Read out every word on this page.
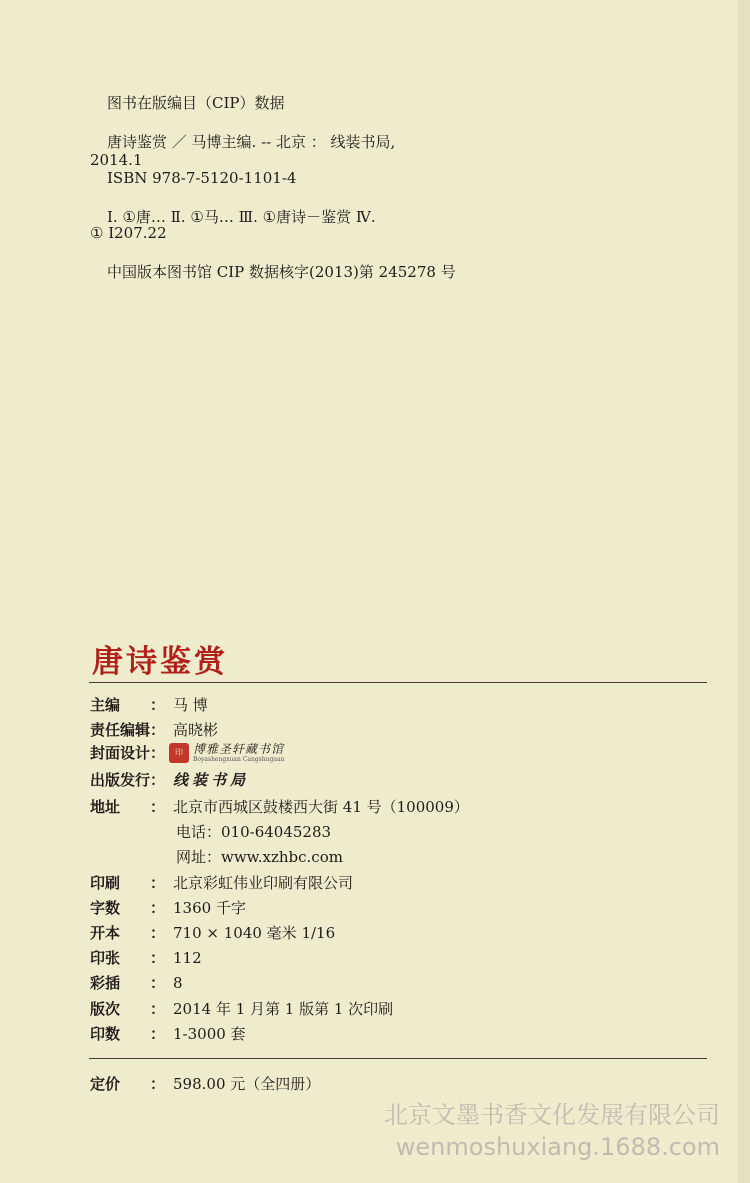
图书在版编目（CIP）数据
唐诗鉴赏 ／ 马博主编. -- 北京 ： 线装书局,
2014.1
ISBN 978-7-5120-1101-4
Ⅰ. ①唐… Ⅱ. ①马… Ⅲ. ①唐诗－鉴赏 Ⅳ.
① I207.22
中国版本图书馆 CIP 数据核字(2013)第 245278 号
唐诗鉴赏
主编	： 马 博
责任编辑 ： 高晓彬
封面设计 ：	印 博雅圣轩藏书馆
Boyashengxuan Cangshuguan
出版发行 ： 线装书局
地址	： 北京市西城区鼓楼西大街 41 号（100009）
电话：010-64045283
网址：www.xzhbc.com
印刷	： 北京彩虹伟业印刷有限公司
字数	： 1360 千字
开本	： 710 × 1040 毫米 1/16
印张	： 112
彩插	： 8
版次	： 2014 年 1 月第 1 版第 1 次印刷
印数	： 1-3000 套
定价	： 598.00 元（全四册）
北京文墨书香文化发展有限公司
wenmoshuxiang.1688.com
